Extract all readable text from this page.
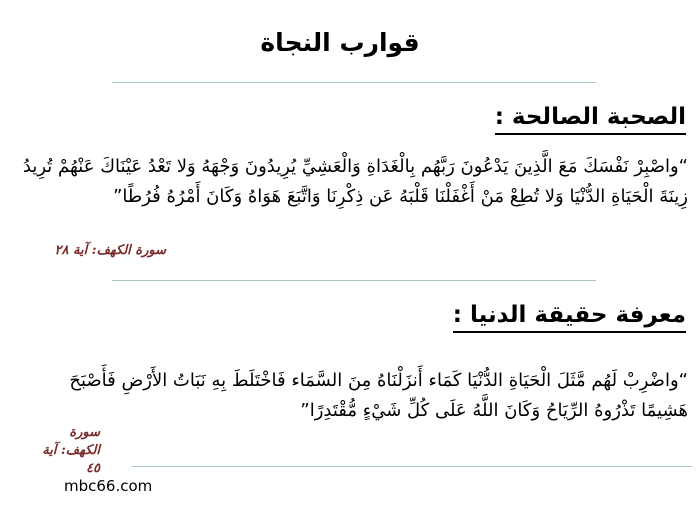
قوارب النجاة
الصحبة الصالحة :
“واصْبِرْ نَفْسَكَ مَعَ الَّذِينَ يَدْعُونَ رَبَّهُم بِالْغَدَاةِ وَالْعَشِيِّ يُرِيدُونَ وَجْهَهُ وَلا تَعْدُ عَيْنَاكَ عَنْهُمْ تُرِيدُ زِينَةَ الْحَيَاةِ الدُّنْيَا وَلا تُطِعْ مَنْ أَغْفَلْنَا قَلْبَهُ عَن ذِكْرِنَا وَاتَّبَعَ هَوَاهُ وَكَانَ أَمْرُهُ فُرُطًا”
سورة الكهف: آية ٢٨
معرفة حقيقة الدنيا :
“واضْرِبْ لَهُم مَّثَلَ الْحَيَاةِ الدُّنْيَا كَمَاء أَنزَلْنَاهُ مِنَ السَّمَاء فَاخْتَلَطَ بِهِ نَبَاتُ الأَرْضِ فَأَصْبَحَ هَشِيمًا تَذْرُوهُ الرِّيَاحُ وَكَانَ اللَّهُ عَلَى كُلِّ شَيْءٍ مُّقْتَدِرًا”
سورة الكهف: آية ٤٥
mbc66.com
